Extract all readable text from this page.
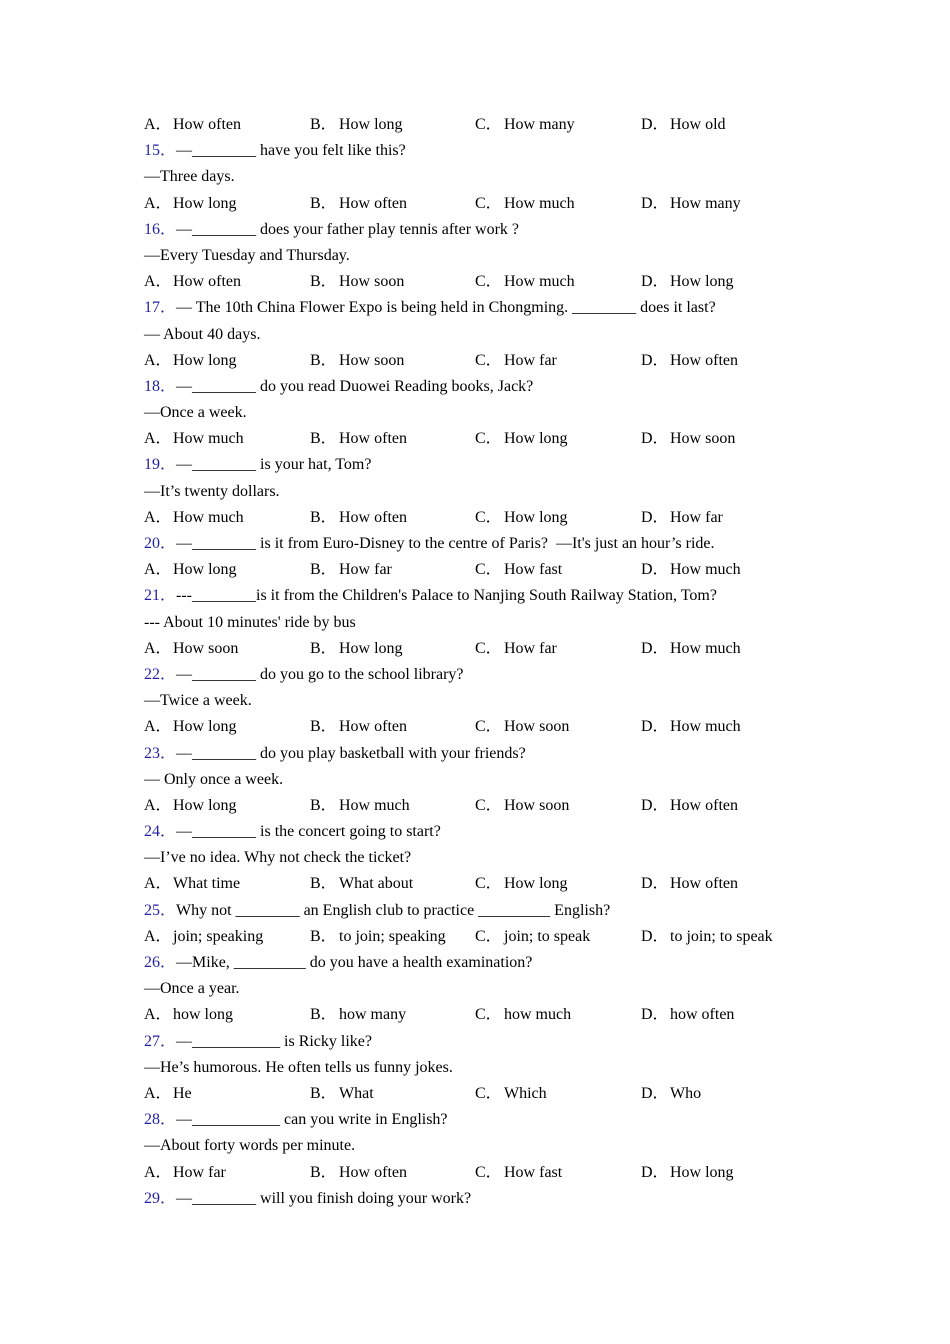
A．How often	B． How long	C． How many	D．How old
15．—________ have you felt like this?
—Three days.
A．How long	B． How often	C． How much	D．How many
16．—________ does your father play tennis after work ?
—Every Tuesday and Thursday.
A．How often	B． How soon	C． How much	D．How long
17．— The 10th China Flower Expo is being held in Chongming. ________ does it last?
— About 40 days.
A．How long	B． How soon	C． How far	D．How often
18．—________ do you read Duowei Reading books, Jack?
—Once a week.
A．How much	B． How often	C． How long	D．How soon
19．—________ is your hat, Tom?
—It’s twenty dollars.
A．How much	B． How often	C． How long	D．How far
20．—________ is it from Euro-Disney to the centre of Paris?  —It's just an hour’s ride.
A．How long	B． How far	C． How fast	D．How much
21．---________is it from the Children's Palace to Nanjing South Railway Station, Tom?
--- About 10 minutes' ride by bus
A．How soon	B． How long	C． How far	D．How much
22．—________ do you go to the school library?
—Twice a week.
A．How long	B． How often	C． How soon	D．How much
23．—________ do you play basketball with your friends?
— Only once a week.
A．How long	B． How much	C． How soon	D．How often
24．—________ is the concert going to start?
—I’ve no idea. Why not check the ticket?
A．What time	B． What about	C． How long	D．How often
25．Why not ________ an English club to practice _________ English?
A．join; speaking	B． to join; speaking C． join; to speak	D．to join; to speak
26．—Mike, _________ do you have a health examination?
—Once a year.
A．how long	B． how many	C． how much	D．how often
27．—___________ is Ricky like?
—He’s humorous. He often tells us funny jokes.
A．He	B． What	C． Which	D．Who
28．—___________ can you write in English?
—About forty words per minute.
A．How far	B． How often	C． How fast	D．How long
29．—________ will you finish doing your work?
